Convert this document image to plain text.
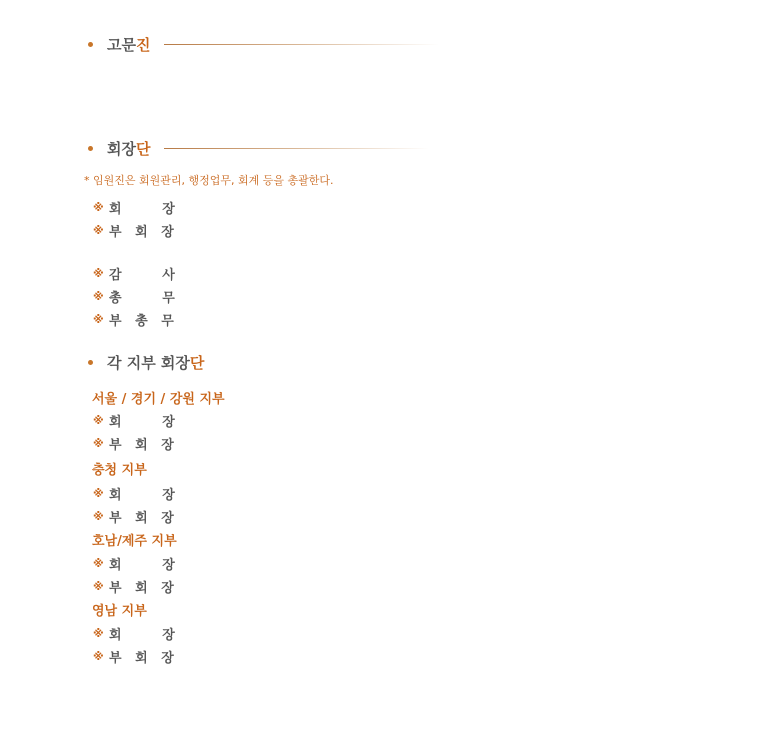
고문진
회장단
* 임원진은 회원관리, 행정업무, 회계 등을 총괄한다.
※ 회         장
※ 부   회   장
※ 감         사
※ 총         무
※ 부   총   무
각 지부 회장단
서울 / 경기 / 강원 지부
※ 회         장
※ 부   회   장
충청 지부
※ 회         장
※ 부   회   장
호남/제주 지부
※ 회         장
※ 부   회   장
영남 지부
※ 회         장
※ 부   회   장
